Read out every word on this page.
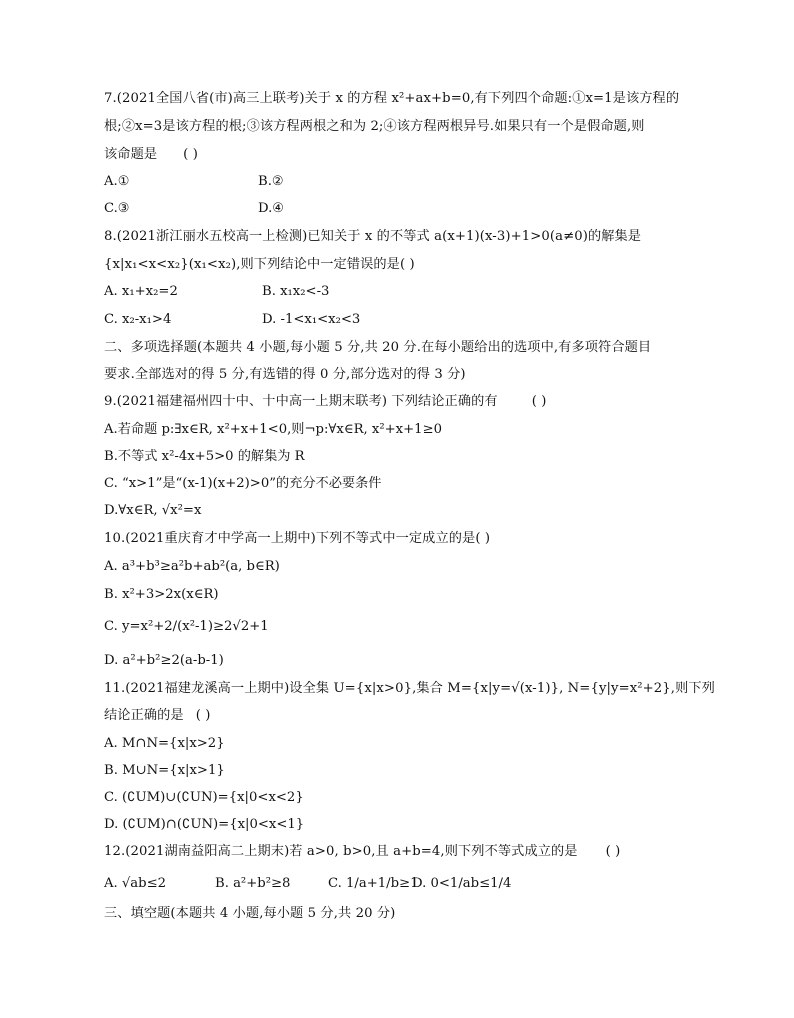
7.(2021全国八省(市)高三上联考)关于 x 的方程 x²+ax+b=0,有下列四个命题:①x=1是该方程的
根;②x=3是该方程的根;③该方程两根之和为 2;④该方程两根异号.如果只有一个是假命题,则
该命题是 ( )
A.①	B.②
C.③	D.④
8.(2021浙江丽水五校高一上检测)已知关于 x 的不等式 a(x+1)(x-3)+1>0(a≠0)的解集是
{x|x₁<x<x₂}(x₁<x₂),则下列结论中一定错误的是( )
A. x₁+x₂=2	B. x₁x₂<-3
C. x₂-x₁>4	D. -1<x₁<x₂<3
二、多项选择题(本题共 4 小题,每小题 5 分,共 20 分.在每小题给出的选项中,有多项符合题目
要求.全部选对的得 5 分,有选错的得 0 分,部分选对的得 3 分)
9.(2021福建福州四十中、十中高一上期末联考) 下列结论正确的有	( )
A.若命题 p:∃x∈R, x²+x+1<0,则¬p:∀x∈R, x²+x+1≥0
B.不等式 x²-4x+5>0 的解集为 R
C. “x>1”是“(x-1)(x+2)>0”的充分不必要条件
D.∀x∈R, √x²=x
10.(2021重庆育才中学高一上期中)下列不等式中一定成立的是( )
A. a³+b³≥a²b+ab²(a, b∈R)
B. x²+3>2x(x∈R)
C. y=x²+2/(x²-1)≥2√2+1
D. a²+b²≥2(a-b-1)
11.(2021福建龙溪高一上期中)设全集 U={x|x>0},集合 M={x|y=√(x-1)}, N={y|y=x²+2},则下列
结论正确的是 ( )
A. M∩N={x|x>2}
B. M∪N={x|x>1}
C. (∁UM)∪(∁UN)={x|0<x<2}
D. (∁UM)∩(∁UN)={x|0<x<1}
12.(2021湖南益阳高二上期末)若 a>0, b>0,且 a+b=4,则下列不等式成立的是 ( )
A. √ab≤2	B. a²+b²≥8	C. 1/a+1/b≥1
D. 0<1/ab≤1/4
三、填空题(本题共 4 小题,每小题 5 分,共 20 分)
